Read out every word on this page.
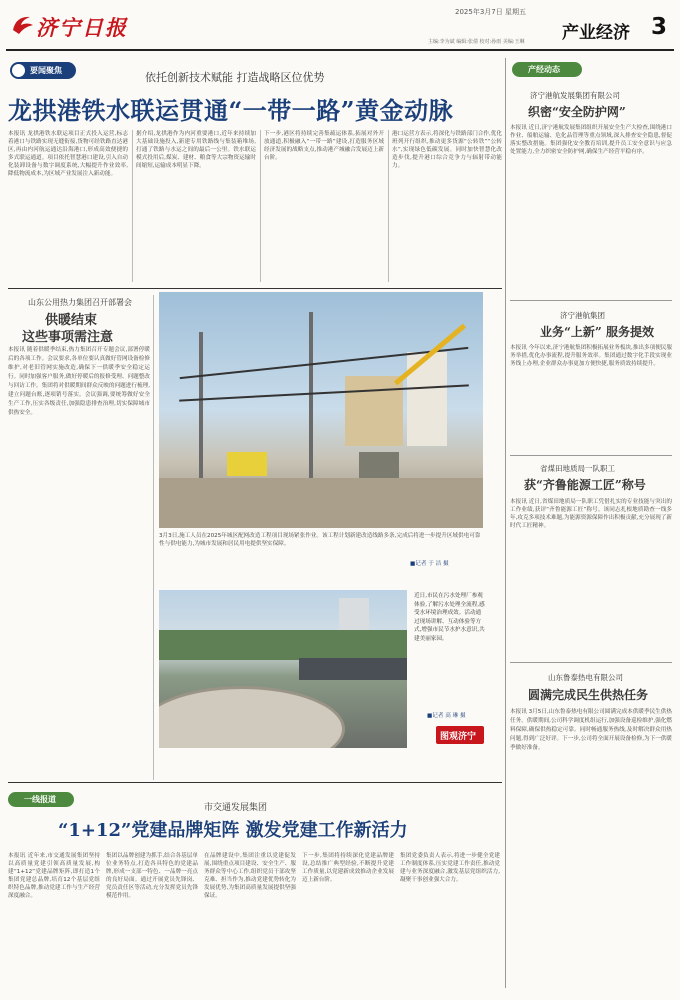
济宁日报
2025年3月7日 星期五
主编:李为斌 编辑:张倩 校对:孙雨 美编:王琳 产业经济 3
要闻聚焦
依托创新技术赋能 打造战略区位优势
龙拱港铁水联运贯通“一带一路”黄金动脉
本报讯 龙拱港铁水联运项目正式投入运营,标志着港口与铁路实现无缝衔接,货物可经铁路直达港区,再由内河航运通达沿海港口,形成高效便捷的多式联运通道。项目依托智慧港口建设,引入自动化装卸设备与数字调度系统,大幅提升作业效率,降低物流成本,为区域产业发展注入新动能。
据介绍,龙拱港作为内河重要港口,近年来持续加大基础设施投入,新建专用铁路线与集装箱堆场,打通了铁路与水运之间的最后一公里。铁水联运模式投用后,煤炭、建材、粮食等大宗物资运输时间缩短,运输成本明显下降。
下一步,港区将持续完善集疏运体系,拓展对外开放通道,积极融入“一带一路”建设,打造服务区域经济发展的战略支点,推动港产城融合发展迈上新台阶。
港口运营方表示,将深化与铁路部门合作,优化班列开行组织,推动更多货源“公转铁”“公转水”,实现绿色低碳发展。同时加快智慧化改造步伐,提升港口综合竞争力与辐射带动能力。
山东公用热力集团召开部署会
供暖结束
这些事项需注意
本报讯 随着供暖季结束,热力集团召开专题会议,部署停暖后的各项工作。会议要求,各单位要认真做好管网设备检修维护,对老旧管网实施改造,确保下一供暖季安全稳定运行。同时加强客户服务,做好停暖后的报修受理、问题整改与回访工作。集团将对供暖期间群众反映的问题进行梳理,建立问题台账,逐项销号落实。会议强调,要统筹做好安全生产工作,压实各级责任,加强隐患排查治理,切实保障城市供热安全。
3月3日,施工人员在2025年城区配网改造工程项目现场紧张作业。该工程计划新建改造线路多条,完成后将进一步提升区域供电可靠性与供电能力,为城市发展和居民用电提供坚实保障。
■记者 于 洁 摄
近日,市民在污水处理厂参观体验,了解污水处理全流程,感受水环境治理成效。活动通过现场讲解、互动体验等方式,增强市民节水护水意识,共建美丽家园。
■记者 高 琳 摄
图观济宁
一线报道
市交通发展集团
“1+12”党建品牌矩阵 激发党建工作新活力
本报讯 近年来,市交通发展集团坚持以高质量党建引领高质量发展,构建“1+12”党建品牌矩阵,即打造1个集团党建总品牌,培育12个基层党组织特色品牌,推动党建工作与生产经营深度融合。
集团以品牌创建为抓手,结合各基层单位业务特点,打造各具特色的党建品牌,形成一支部一特色、一品牌一亮点的良好局面。通过开展党员先锋岗、党员责任区等活动,充分发挥党员先锋模范作用。
在品牌建设中,集团注重以党建促发展,围绕重点项目建设、安全生产、服务群众等中心工作,组织党员干部攻坚克难、担当作为,推动党建优势转化为发展优势,为集团高质量发展提供坚强保证。
下一步,集团将持续深化党建品牌建设,总结推广典型经验,不断提升党建工作质量,以党建新成效推动企业发展迈上新台阶。
集团党委负责人表示,将进一步健全党建工作制度体系,压实党建工作责任,推动党建与业务深度融合,激发基层党组织活力,凝聚干事创业强大合力。
产经动态
济宁港航发展集团有限公司
织密“安全防护网”
本报讯 近日,济宁港航发展集团组织开展安全生产大检查,围绕港口作业、船舶运输、危化品管理等重点领域,深入排查安全隐患,督促落实整改措施。集团强化安全教育培训,提升员工安全意识与应急处置能力,全力织密安全防护网,确保生产经营平稳有序。
济宁港航集团
业务“上新” 服务提效
本报讯 今年以来,济宁港航集团积极拓展业务板块,推出多项便民服务举措,优化办事流程,提升服务效率。集团通过数字化手段实现业务线上办理,企业群众办事更加方便快捷,服务质效持续提升。
省煤田地质局一队职工
获“齐鲁能源工匠”称号
本报讯 近日,省煤田地质局一队职工凭借扎实的专业技能与突出的工作业绩,获评“齐鲁能源工匠”称号。该同志扎根地质勘查一线多年,攻克多项技术难题,为能源资源保障作出积极贡献,充分展现了新时代工匠精神。
山东鲁泰热电有限公司
圆满完成民生供热任务
本报讯 3月5日,山东鲁泰热电有限公司圆满完成本供暖季民生供热任务。供暖期间,公司科学调度机组运行,加强设备巡检维护,强化燃料保障,确保供热稳定可靠。同时畅通服务热线,及时解决群众用热问题,得到广泛好评。下一步,公司将全面开展设备检修,为下一供暖季做好准备。
